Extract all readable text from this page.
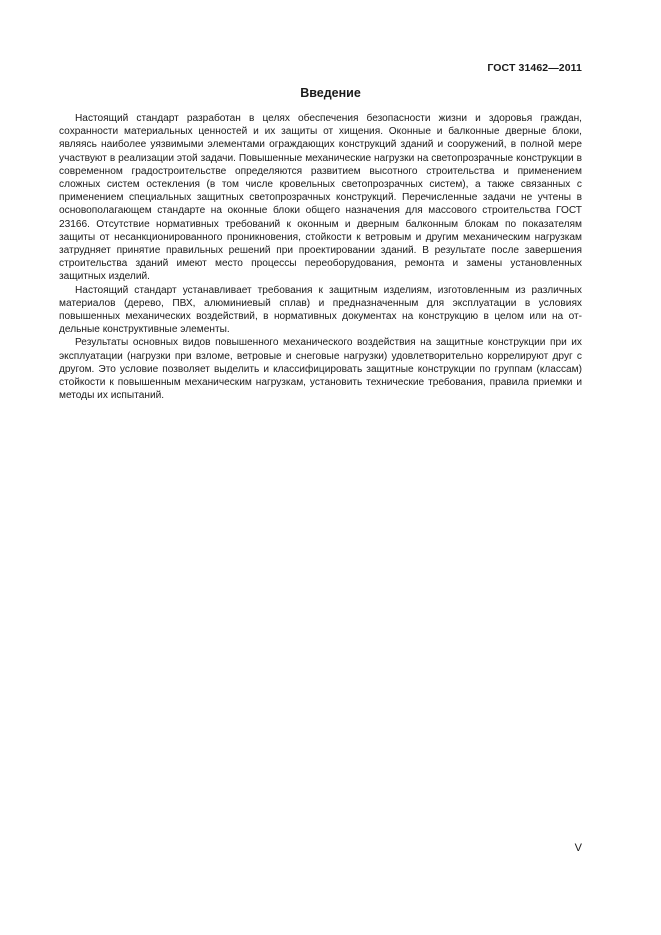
ГОСТ 31462—2011
Введение

Настоящий стандарт разработан в целях обеспечения безопасности жизни и здоровья граждан, сохранности материальных ценностей и их защиты от хищения. Оконные и балконные дверные блоки, являясь наиболее уязвимыми элементами ограждающих конструкций зданий и сооружений, в полной мере участвуют в реализации этой задачи. Повышенные механические нагрузки на светопрозрачные конструкции в современном градостроительстве определяются развитием высотного строительства и применением сложных систем остекления (в том числе кровельных светопрозрачных систем), а также связанных с применением специальных защитных светопрозрачных конструкций. Перечисленные задачи не учтены в основополагающем стандарте на оконные блоки общего назначения для массового строительства ГОСТ 23166. Отсутствие нормативных требований к оконным и дверным балконным блокам по показателям защиты от несанкционированного проникновения, стойкости к ветровым и другим механическим нагрузкам затрудняет принятие правильных решений при проектировании зданий. В результате после завершения строительства зданий имеют место процессы переоборудования, ремонта и замены установленных защитных изделий.

Настоящий стандарт устанавливает требования к защитным изделиям, изготовленным из различных материалов (дерево, ПВХ, алюминиевый сплав) и предназначенным для эксплуатации в условиях повышенных механических воздействий, в нормативных документах на конструкцию в целом или на отдельные конструктивные элементы.

Результаты основных видов повышенного механического воздействия на защитные конструкции при их эксплуатации (нагрузки при взломе, ветровые и снеговые нагрузки) удовлетворительно коррелируют друг с другом. Это условие позволяет выделить и классифицировать защитные конструкции по группам (классам) стойкости к повышенным механическим нагрузкам, установить технические требования, правила приемки и методы их испытаний.

V
